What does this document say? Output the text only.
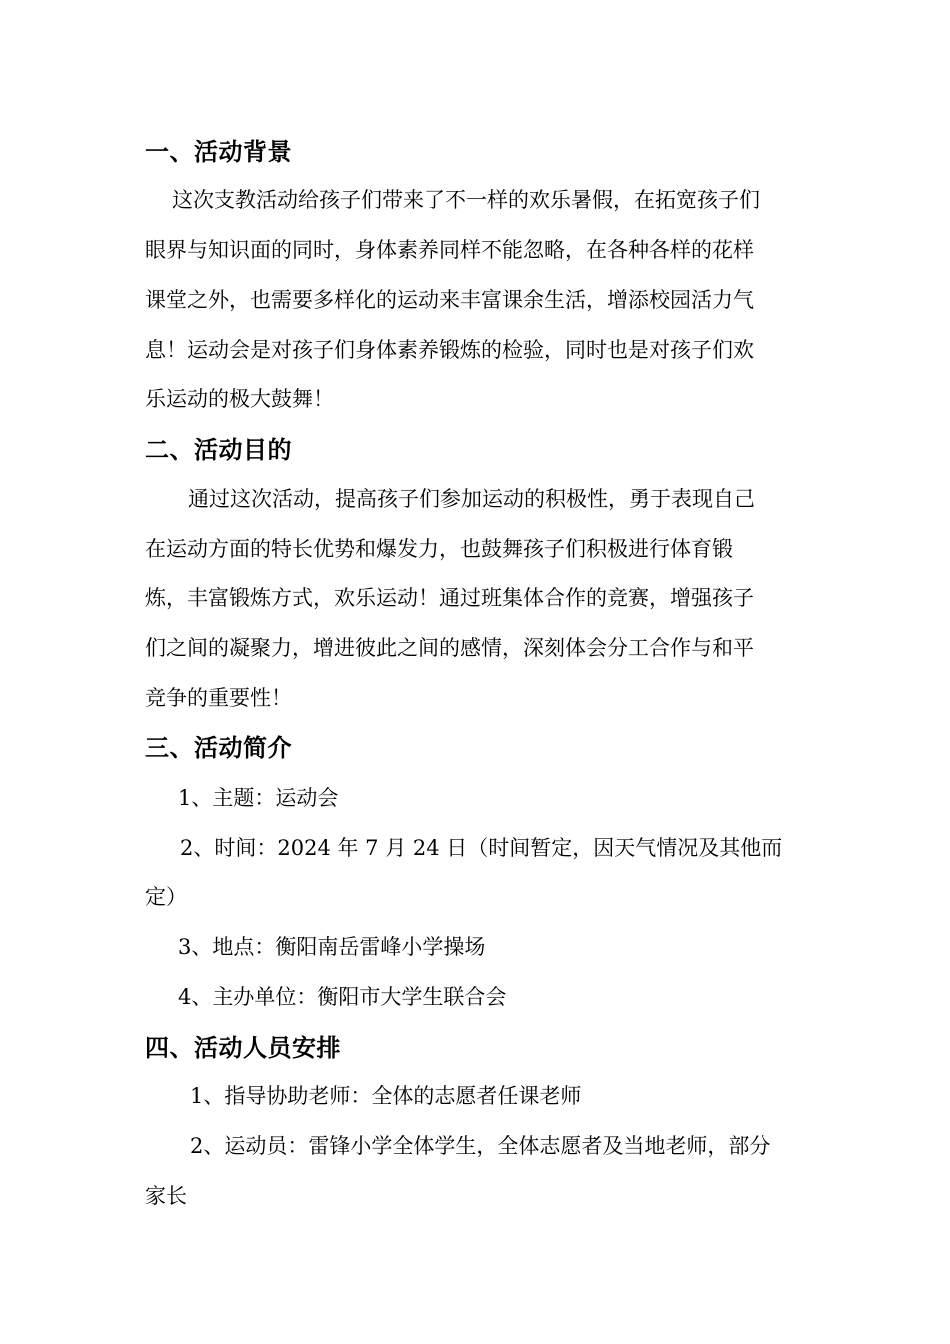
一、活动背景
这次支教活动给孩子们带来了不一样的欢乐暑假，在拓宽孩子们
眼界与知识面的同时，身体素养同样不能忽略，在各种各样的花样
课堂之外，也需要多样化的运动来丰富课余生活，增添校园活力气
息！运动会是对孩子们身体素养锻炼的检验，同时也是对孩子们欢
乐运动的极大鼓舞！
二、活动目的
通过这次活动，提高孩子们参加运动的积极性，勇于表现自己
在运动方面的特长优势和爆发力，也鼓舞孩子们积极进行体育锻
炼，丰富锻炼方式，欢乐运动！通过班集体合作的竞赛，增强孩子
们之间的凝聚力，增进彼此之间的感情，深刻体会分工合作与和平
竞争的重要性！
三、活动简介
1、主题：运动会
2、时间：2024 年 7 月 24 日（时间暂定，因天气情况及其他而
定）
3、地点：衡阳南岳雷峰小学操场
4、主办单位：衡阳市大学生联合会
四、活动人员安排
1、指导协助老师：全体的志愿者任课老师
2、运动员：雷锋小学全体学生，全体志愿者及当地老师，部分
家长
